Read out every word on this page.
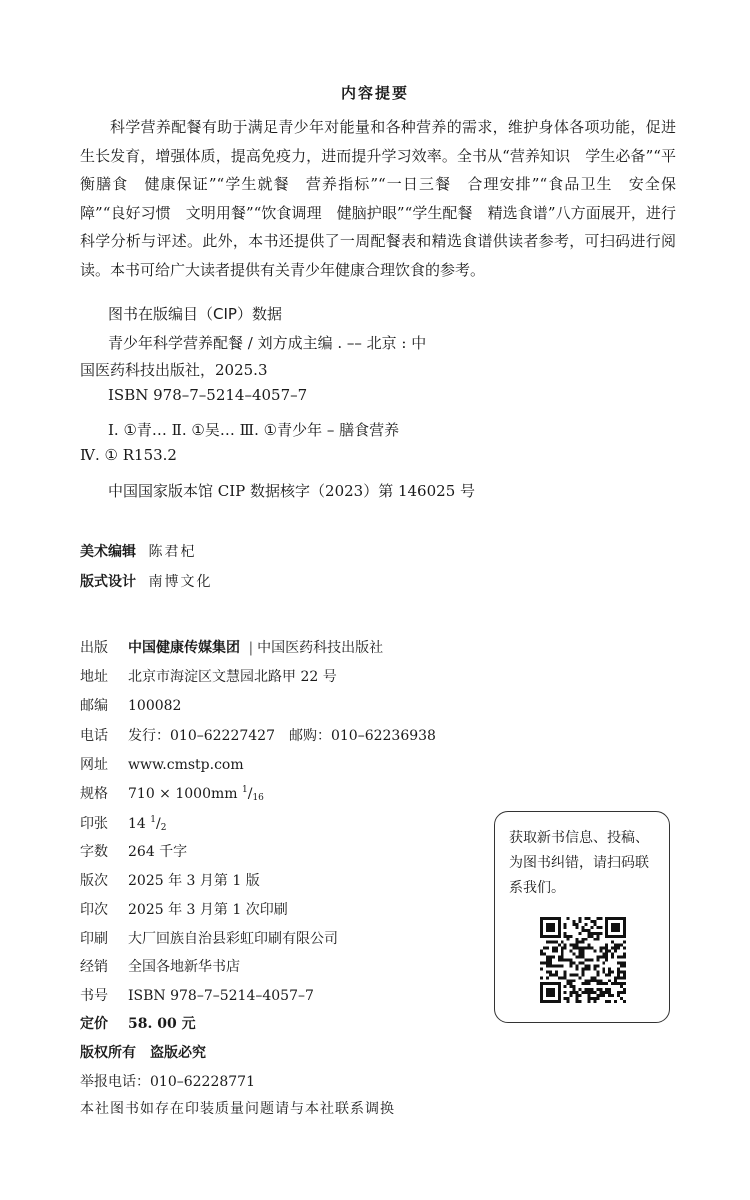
内容提要
科学营养配餐有助于满足青少年对能量和各种营养的需求，维护身体各项功能，促进生长发育，增强体质，提高免疫力，进而提升学习效率。全书从“营养知识　学生必备”“平衡膳食　健康保证”“学生就餐　营养指标”“一日三餐　合理安排”“食品卫生　安全保障”“良好习惯　文明用餐”“饮食调理　健脑护眼”“学生配餐　精选食谱”八方面展开，进行科学分析与评述。此外，本书还提供了一周配餐表和精选食谱供读者参考，可扫码进行阅读。本书可给广大读者提供有关青少年健康合理饮食的参考。
图书在版编目（CIP）数据
青少年科学营养配餐 / 刘方成主编 . –– 北京 : 中
国医药科技出版社，2025.3
ISBN 978–7–5214–4057–7
Ⅰ. ①青… Ⅱ. ①吴… Ⅲ. ①青少年 – 膳食营养
Ⅳ. ① R153.2
中国国家版本馆 CIP 数据核字（2023）第 146025 号
美术编辑 陈君杞
版式设计 南博文化
出版 中国健康传媒集团 | 中国医药科技出版社
地址 北京市海淀区文慧园北路甲 22 号
邮编 100082
电话 发行：010–62227427　邮购：010–62236938
网址 www.cmstp.com
规格 710 × 1000mm $^1$/16
印张 14 $^1$/2
字数 264 千字
版次 2025 年 3 月第 1 版
印次 2025 年 3 月第 1 次印刷
印刷 大厂回族自治县彩虹印刷有限公司
经销 全国各地新华书店
书号 ISBN 978–7–5214–4057–7
定价 58. 00 元
版权所有　盗版必究
举报电话：010–62228771
本社图书如存在印装质量问题请与本社联系调换
获取新书信息、投稿、为图书纠错，请扫码联系我们。
